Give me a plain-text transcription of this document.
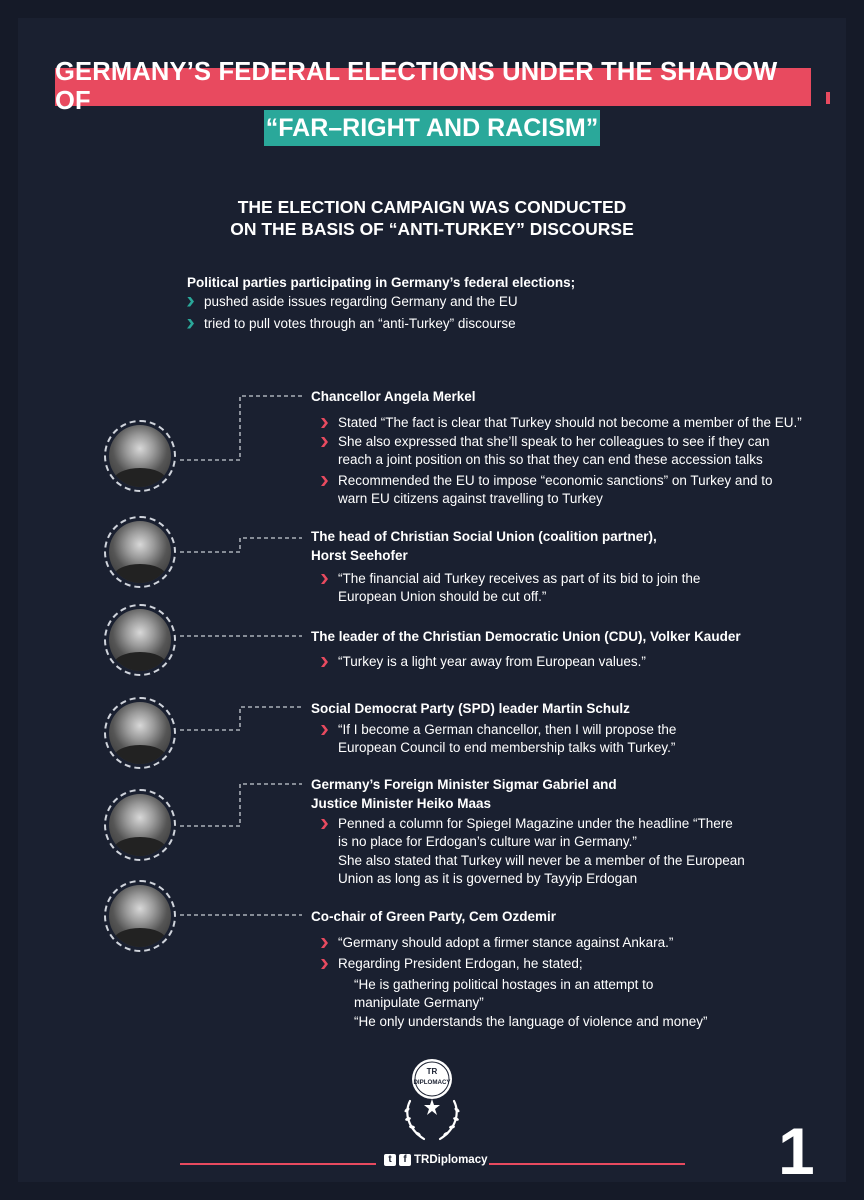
GERMANY’S FEDERAL ELECTIONS UNDER THE SHADOW OF
“FAR–RIGHT AND RACISM”
THE ELECTION CAMPAIGN WAS CONDUCTED
ON THE BASIS OF “ANTI-TURKEY” DISCOURSE
Political parties participating in Germany’s federal elections;
pushed aside issues regarding Germany and the EU
tried to pull votes through an “anti-Turkey” discourse
Chancellor Angela Merkel
Stated “The fact is clear that Turkey should not become a member of the EU.”
She also expressed that she’ll speak to her colleagues to see if they can reach a joint position on this so that they can end these accession talks
Recommended the EU to impose “economic sanctions” on Turkey and to warn EU citizens against travelling to Turkey
The head of Christian Social Union (coalition partner),
Horst Seehofer
“The financial aid Turkey receives as part of its bid to join the European Union should be cut off.”
The leader of the Christian Democratic Union (CDU), Volker Kauder
“Turkey is a light year away from European values.”
Social Democrat Party (SPD) leader Martin Schulz
“If I become a German chancellor, then I will propose the European Council to end membership talks with Turkey.”
Germany’s Foreign Minister Sigmar Gabriel and
Justice Minister Heiko Maas
Penned a column for Spiegel Magazine under the headline “There is no place for Erdogan’s culture war in Germany.”
She also stated that Turkey will never be a member of the European Union as long as it is governed by Tayyip Erdogan
Co-chair of Green Party, Cem Ozdemir
“Germany should adopt a firmer stance against Ankara.”
Regarding President Erdogan, he stated;
“He is gathering political hostages in an attempt to manipulate Germany”
“He only understands the language of violence and money”
TR
DIPLOMACY
t	f TRDiplomacy	1
